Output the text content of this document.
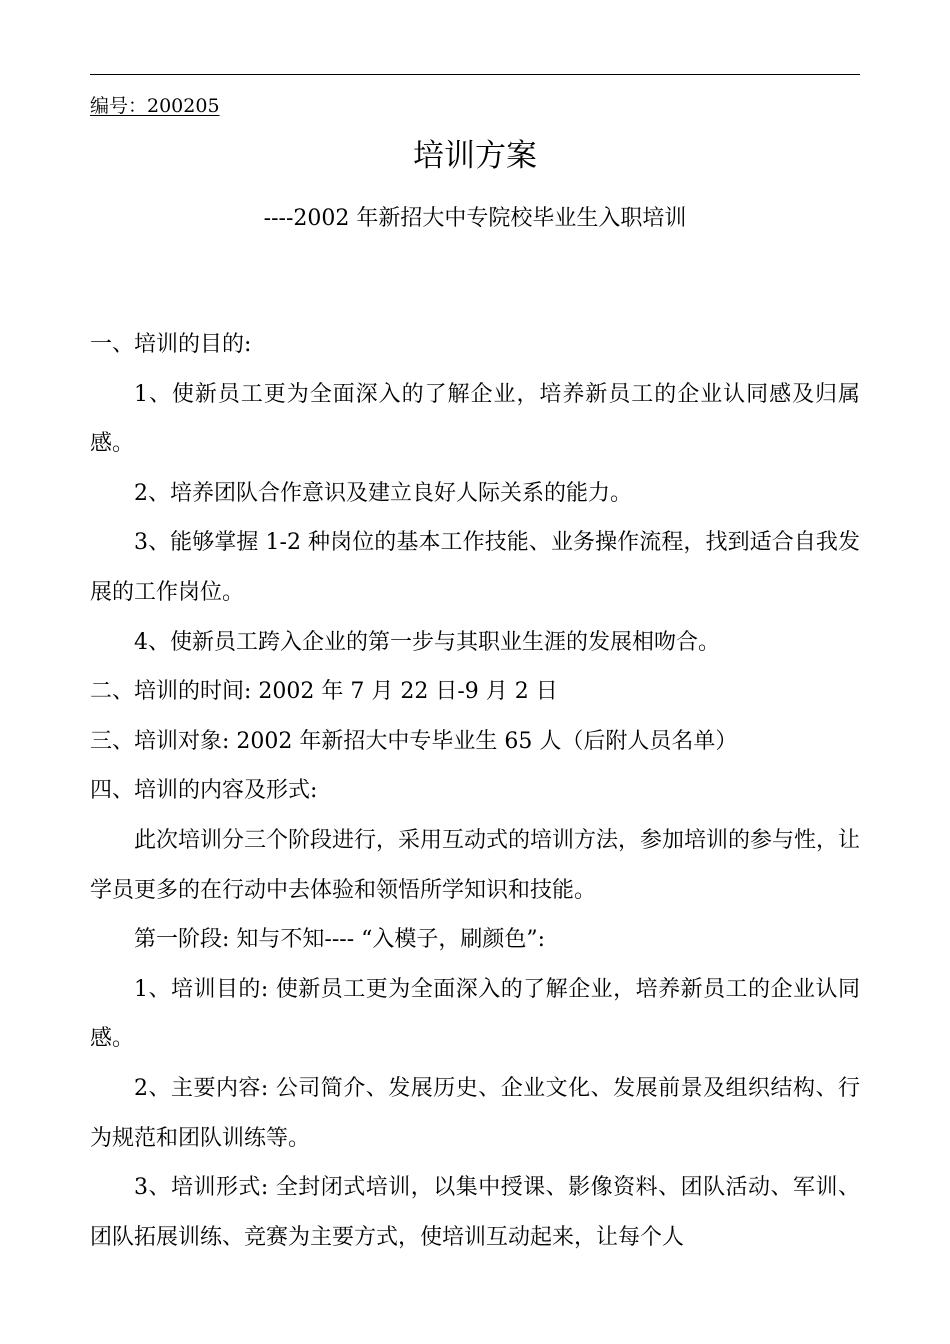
编号：200205
培训方案
----2002 年新招大中专院校毕业生入职培训

一、培训的目的:

1、使新员工更为全面深入的了解企业，培养新员工的企业认同感及归属感。

2、培养团队合作意识及建立良好人际关系的能力。

3、能够掌握 1-2 种岗位的基本工作技能、业务操作流程，找到适合自我发展的工作岗位。

4、使新员工跨入企业的第一步与其职业生涯的发展相吻合。

二、培训的时间: 2002 年 7 月 22 日-9 月 2 日

三、培训对象: 2002 年新招大中专毕业生 65 人（后附人员名单）

四、培训的内容及形式:

此次培训分三个阶段进行，采用互动式的培训方法，参加培训的参与性，让学员更多的在行动中去体验和领悟所学知识和技能。

第一阶段: 知与不知---- “入模子，刷颜色”:

1、培训目的: 使新员工更为全面深入的了解企业，培养新员工的企业认同感。

2、主要内容: 公司简介、发展历史、企业文化、发展前景及组织结构、行为规范和团队训练等。

3、培训形式: 全封闭式培训，以集中授课、影像资料、团队活动、军训、团队拓展训练、竞赛为主要方式，使培训互动起来，让每个人
